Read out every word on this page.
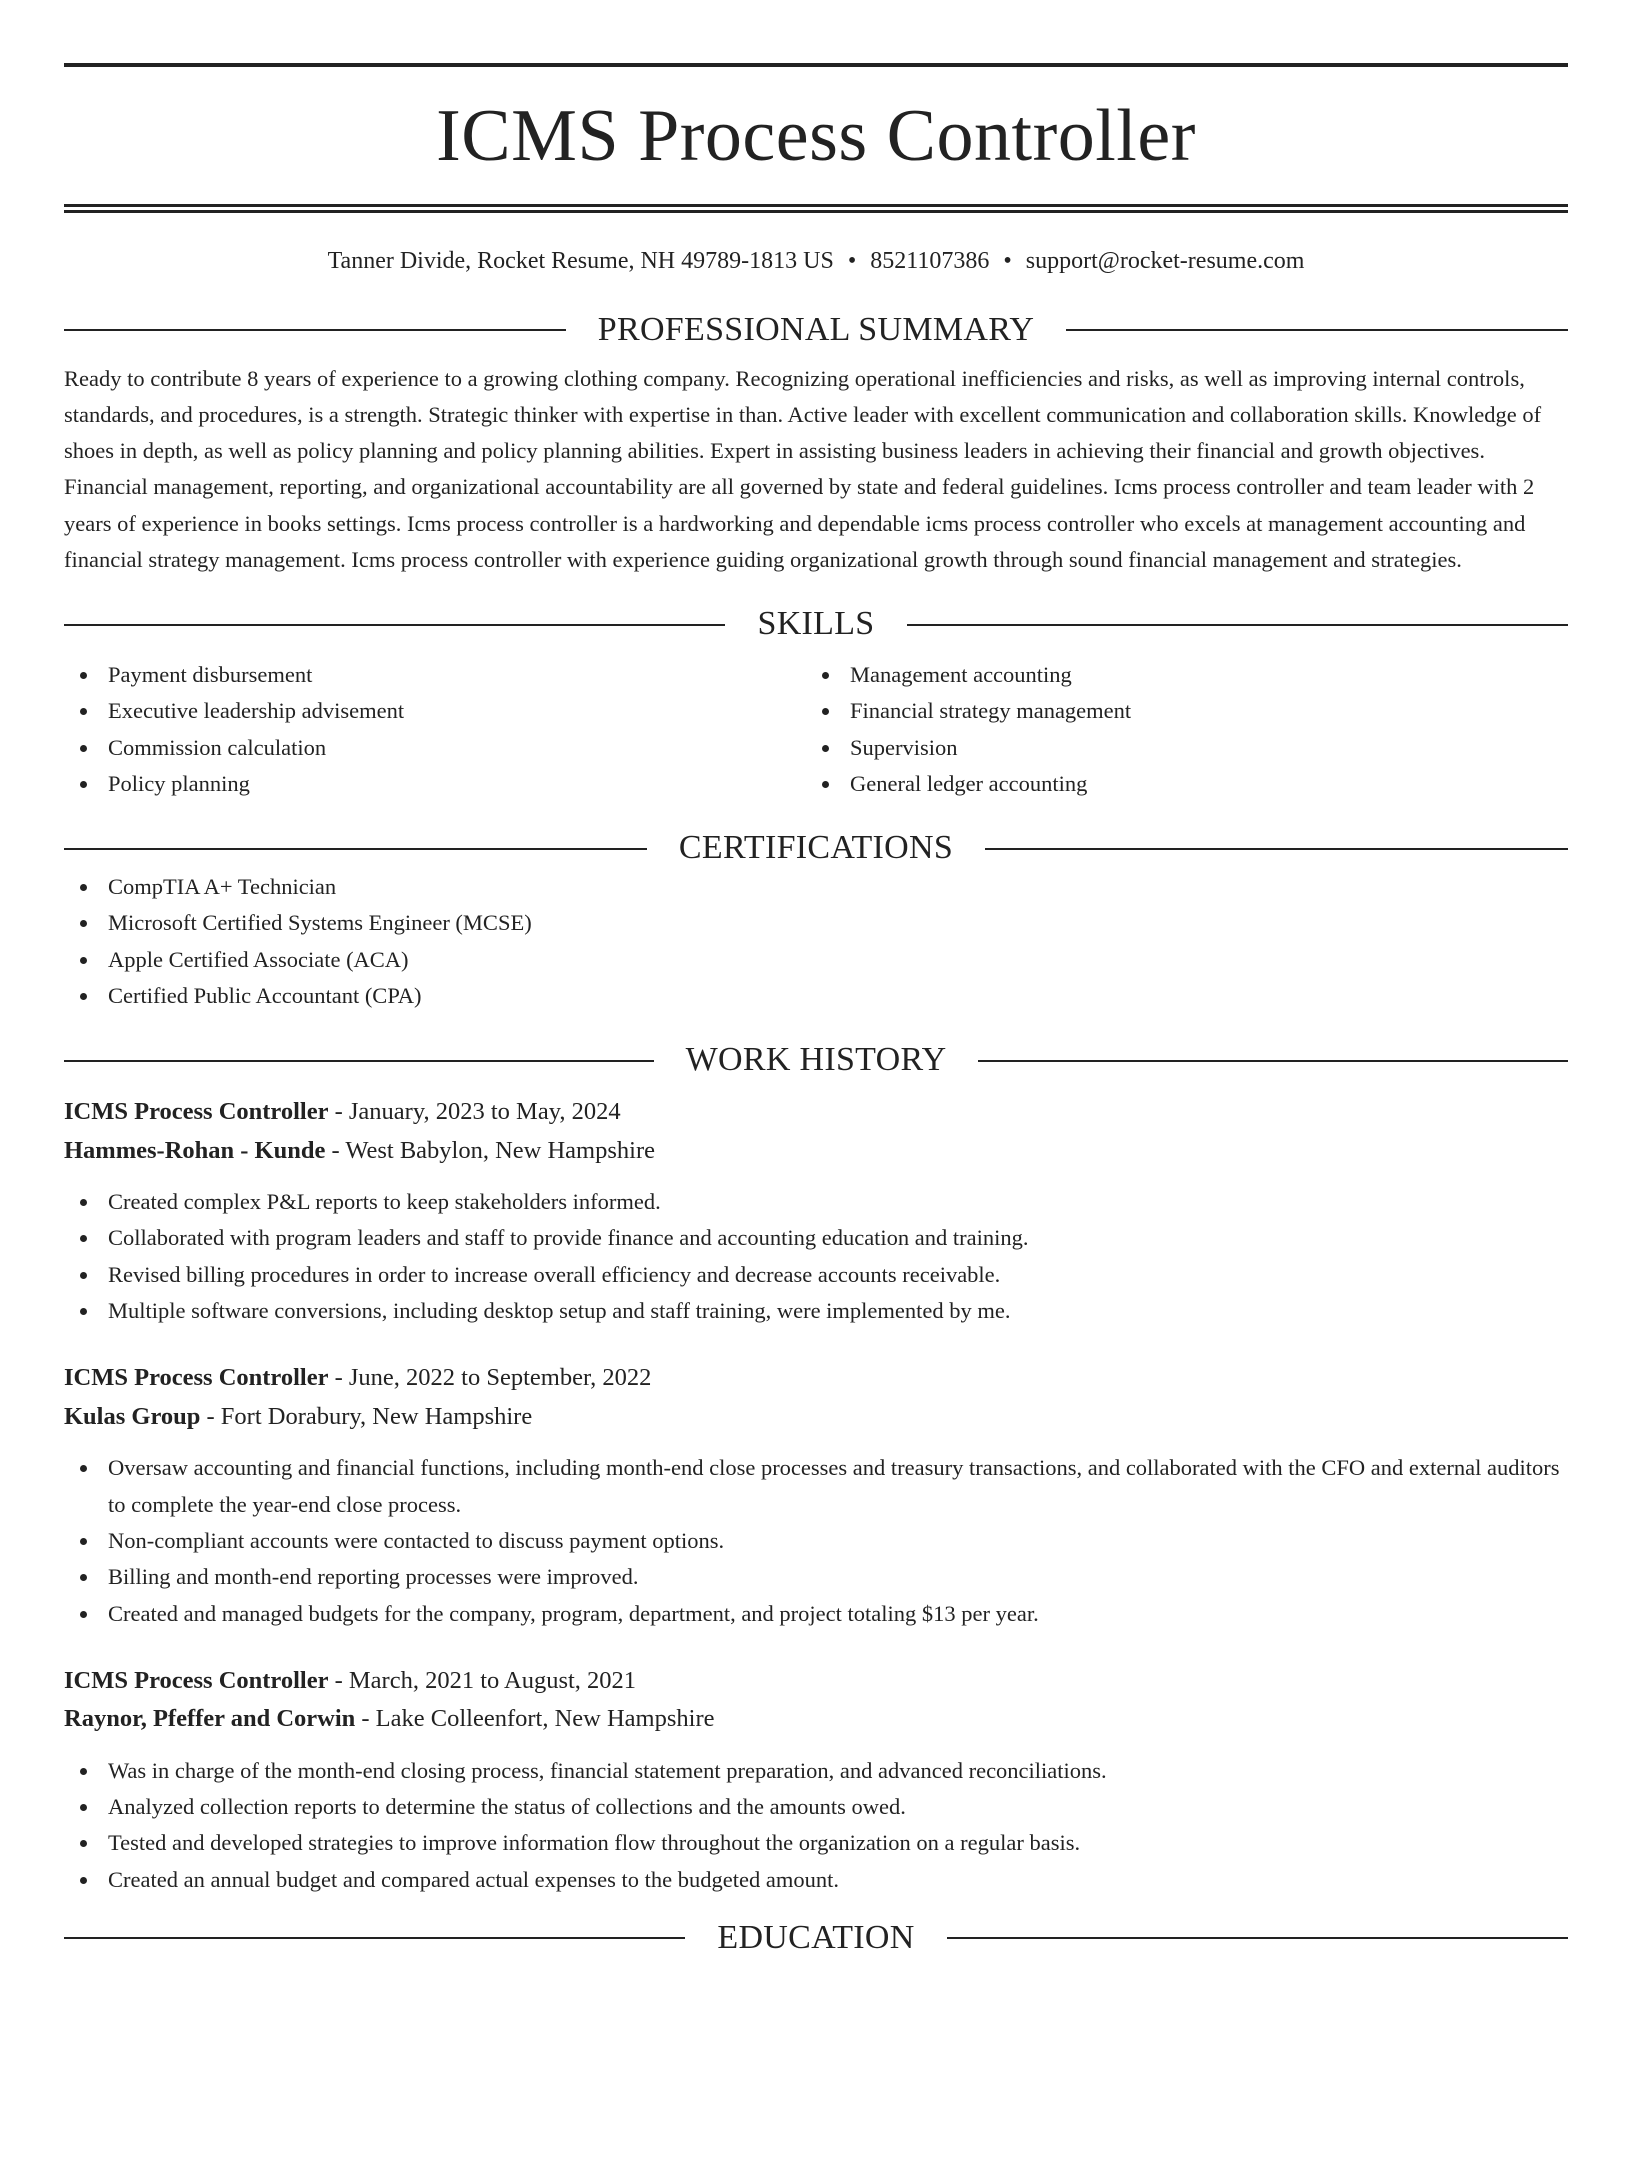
ICMS Process Controller
Tanner Divide, Rocket Resume, NH 49789-1813 US • 8521107386 • support@rocket-resume.com
PROFESSIONAL SUMMARY
Ready to contribute 8 years of experience to a growing clothing company. Recognizing operational inefficiencies and risks, as well as improving internal controls, standards, and procedures, is a strength. Strategic thinker with expertise in than. Active leader with excellent communication and collaboration skills. Knowledge of shoes in depth, as well as policy planning and policy planning abilities. Expert in assisting business leaders in achieving their financial and growth objectives. Financial management, reporting, and organizational accountability are all governed by state and federal guidelines. Icms process controller and team leader with 2 years of experience in books settings. Icms process controller is a hardworking and dependable icms process controller who excels at management accounting and financial strategy management. Icms process controller with experience guiding organizational growth through sound financial management and strategies.
SKILLS
Payment disbursement
Executive leadership advisement
Commission calculation
Policy planning
Management accounting
Financial strategy management
Supervision
General ledger accounting
CERTIFICATIONS
CompTIA A+ Technician
Microsoft Certified Systems Engineer (MCSE)
Apple Certified Associate (ACA)
Certified Public Accountant (CPA)
WORK HISTORY
ICMS Process Controller - January, 2023 to May, 2024
Hammes-Rohan - Kunde - West Babylon, New Hampshire
Created complex P&L reports to keep stakeholders informed.
Collaborated with program leaders and staff to provide finance and accounting education and training.
Revised billing procedures in order to increase overall efficiency and decrease accounts receivable.
Multiple software conversions, including desktop setup and staff training, were implemented by me.
ICMS Process Controller - June, 2022 to September, 2022
Kulas Group - Fort Dorabury, New Hampshire
Oversaw accounting and financial functions, including month-end close processes and treasury transactions, and collaborated with the CFO and external auditors to complete the year-end close process.
Non-compliant accounts were contacted to discuss payment options.
Billing and month-end reporting processes were improved.
Created and managed budgets for the company, program, department, and project totaling $13 per year.
ICMS Process Controller - March, 2021 to August, 2021
Raynor, Pfeffer and Corwin - Lake Colleenfort, New Hampshire
Was in charge of the month-end closing process, financial statement preparation, and advanced reconciliations.
Analyzed collection reports to determine the status of collections and the amounts owed.
Tested and developed strategies to improve information flow throughout the organization on a regular basis.
Created an annual budget and compared actual expenses to the budgeted amount.
EDUCATION
